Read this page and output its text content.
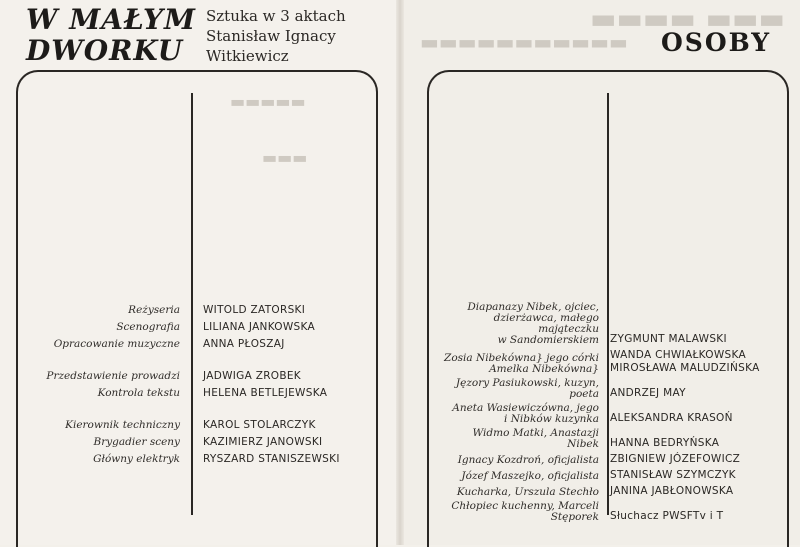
▬▬▬▬ ▬▬▬
▬▬▬▬▬▬▬▬▬▬▬
▬▬▬▬▬
▬▬▬
W MAŁYM
DWORKU
Sztuka w 3 aktach
Stanisław Ignacy
Witkiewicz	OSOBY
Reżyseria WITOLD ZATORSKI
Scenografia LILIANA JANKOWSKA
Opracowanie muzyczne ANNA PŁOSZAJ
Przedstawienie prowadzi JADWIGA ZROBEK
Kontrola tekstu HELENA BETLEJEWSKA
Kierownik techniczny KAROL STOLARCZYK
Brygadier sceny KAZIMIERZ JANOWSKI
Główny elektryk RYSZARD STANISZEWSKI
Diapanazy Nibek, ojciec,
dzierżawca, małego mająteczku
w Sandomierskiem ZYGMUNT MALAWSKI
Zosia Nibekówna} jego córki
Amelka Nibekówna}
WANDA CHWIAŁKOWSKA
MIROSŁAWA MALUDZIŃSKA
Jęzory Pasiukowski, kuzyn,
poeta ANDRZEJ MAY
Aneta Wasiewiczówna, jego
i Nibków kuzynka ALEKSANDRA KRASOŃ
Widmo Matki, Anastazji Nibek HANNA BEDRYŃSKA
Ignacy Kozdroń, oficjalista ZBIGNIEW JÓZEFOWICZ
Józef Maszejko, oficjalista STANISŁAW SZYMCZYK
Kucharka, Urszula Stechło JANINA JABŁONOWSKA
Chłopiec kuchenny, Marceli
Stęporek Słuchacz PWSFTv i T
